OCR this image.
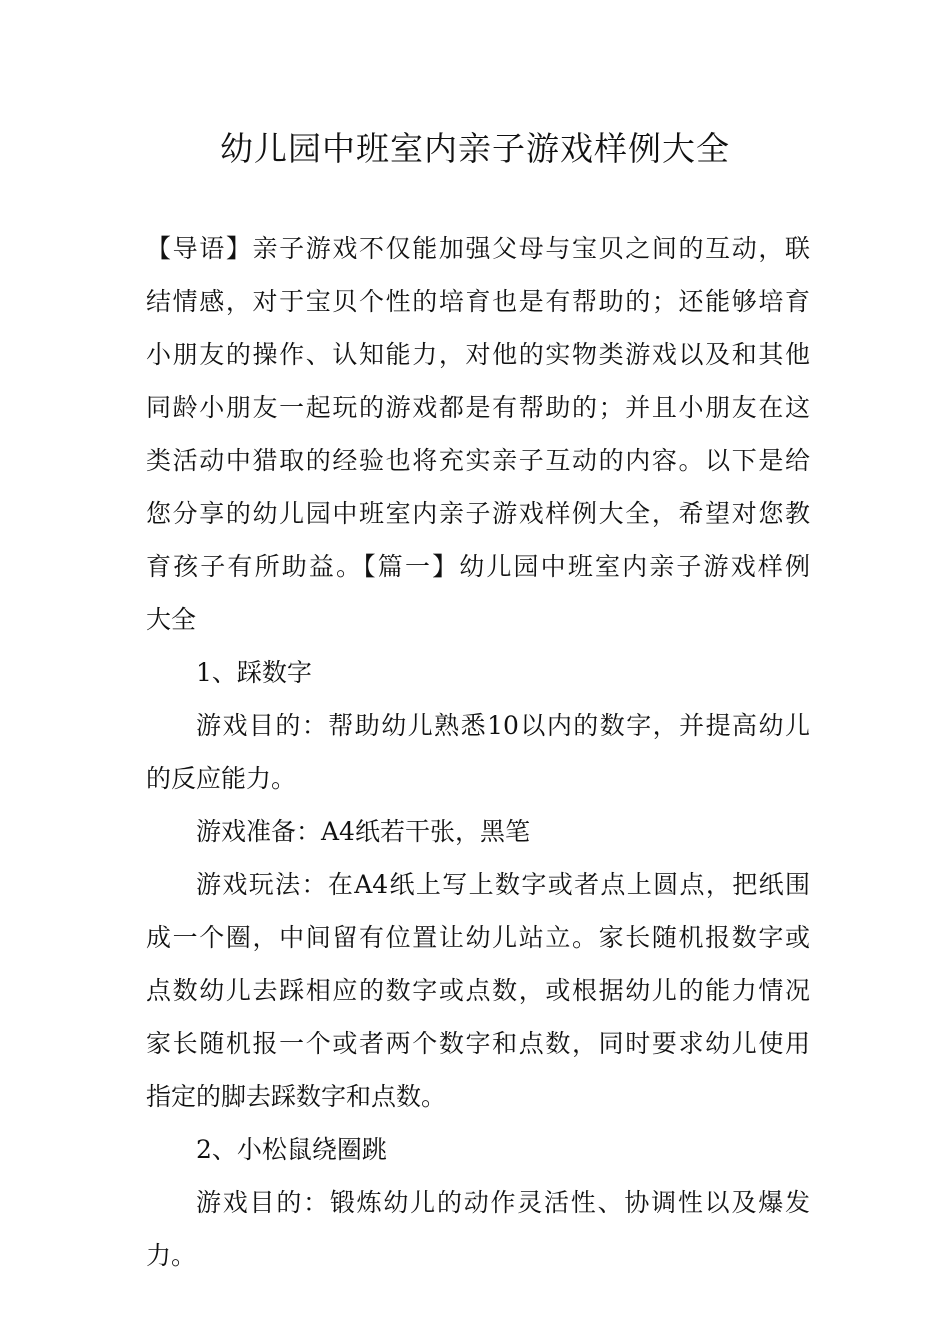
幼儿园中班室内亲子游戏样例大全
【导语】亲子游戏不仅能加强父母与宝贝之间的互动，联
结情感，对于宝贝个性的培育也是有帮助的；还能够培育
小朋友的操作、认知能力，对他的实物类游戏以及和其他
同龄小朋友一起玩的游戏都是有帮助的；并且小朋友在这
类活动中猎取的经验也将充实亲子互动的内容。以下是给
您分享的幼儿园中班室内亲子游戏样例大全，希望对您教
育孩子有所助益。【篇一】幼儿园中班室内亲子游戏样例
大全
1、踩数字
游戏目的：帮助幼儿熟悉10以内的数字，并提高幼儿
的反应能力。
游戏准备：A4纸若干张，黑笔
游戏玩法：在A4纸上写上数字或者点上圆点，把纸围
成一个圈，中间留有位置让幼儿站立。家长随机报数字或
点数幼儿去踩相应的数字或点数，或根据幼儿的能力情况
家长随机报一个或者两个数字和点数，同时要求幼儿使用
指定的脚去踩数字和点数。
2、小松鼠绕圈跳
游戏目的：锻炼幼儿的动作灵活性、协调性以及爆发
力。
